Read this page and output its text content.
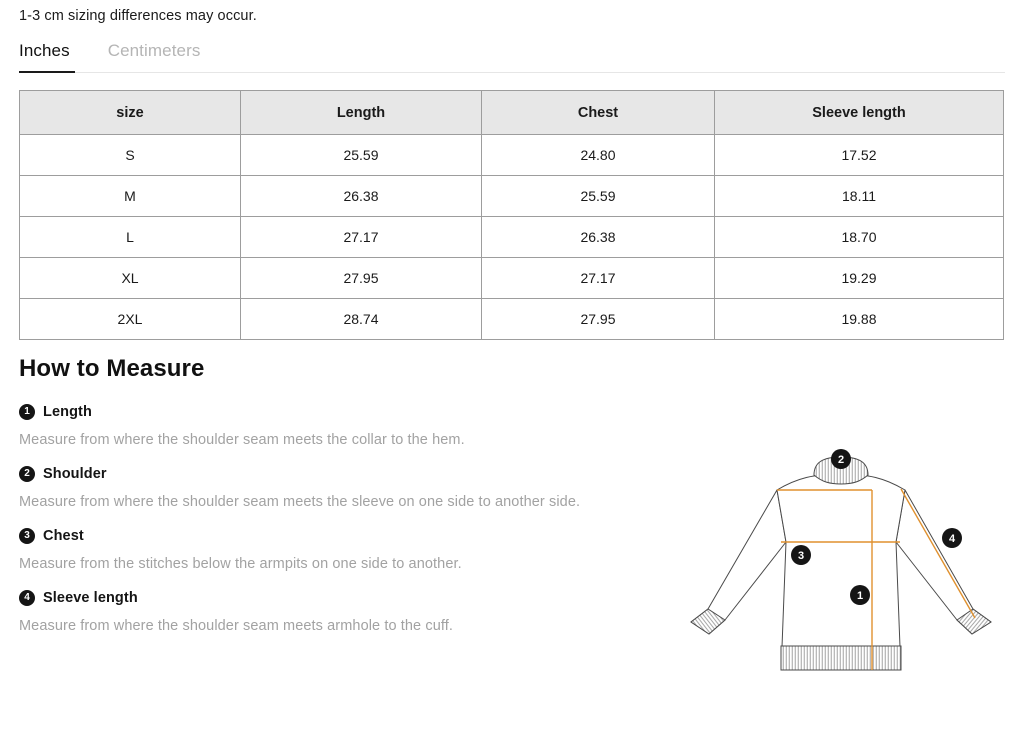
1-3 cm sizing differences may occur.
Inches Centimeters
size	Length	Chest	Sleeve length
S	25.59	24.80	17.52
M	26.38	25.59	18.11
L	27.17	26.38	18.70
XL	27.95	27.17	19.29
2XL	28.74	27.95	19.88
How to Measure
1 Length
Measure from where the shoulder seam meets the collar to the hem.
2 Shoulder
Measure from where the shoulder seam meets the sleeve on one side to another side.
3 Chest
Measure from the stitches below the armpits on one side to another.
4 Sleeve length
Measure from where the shoulder seam meets armhole to the cuff.
2
4
3
1
